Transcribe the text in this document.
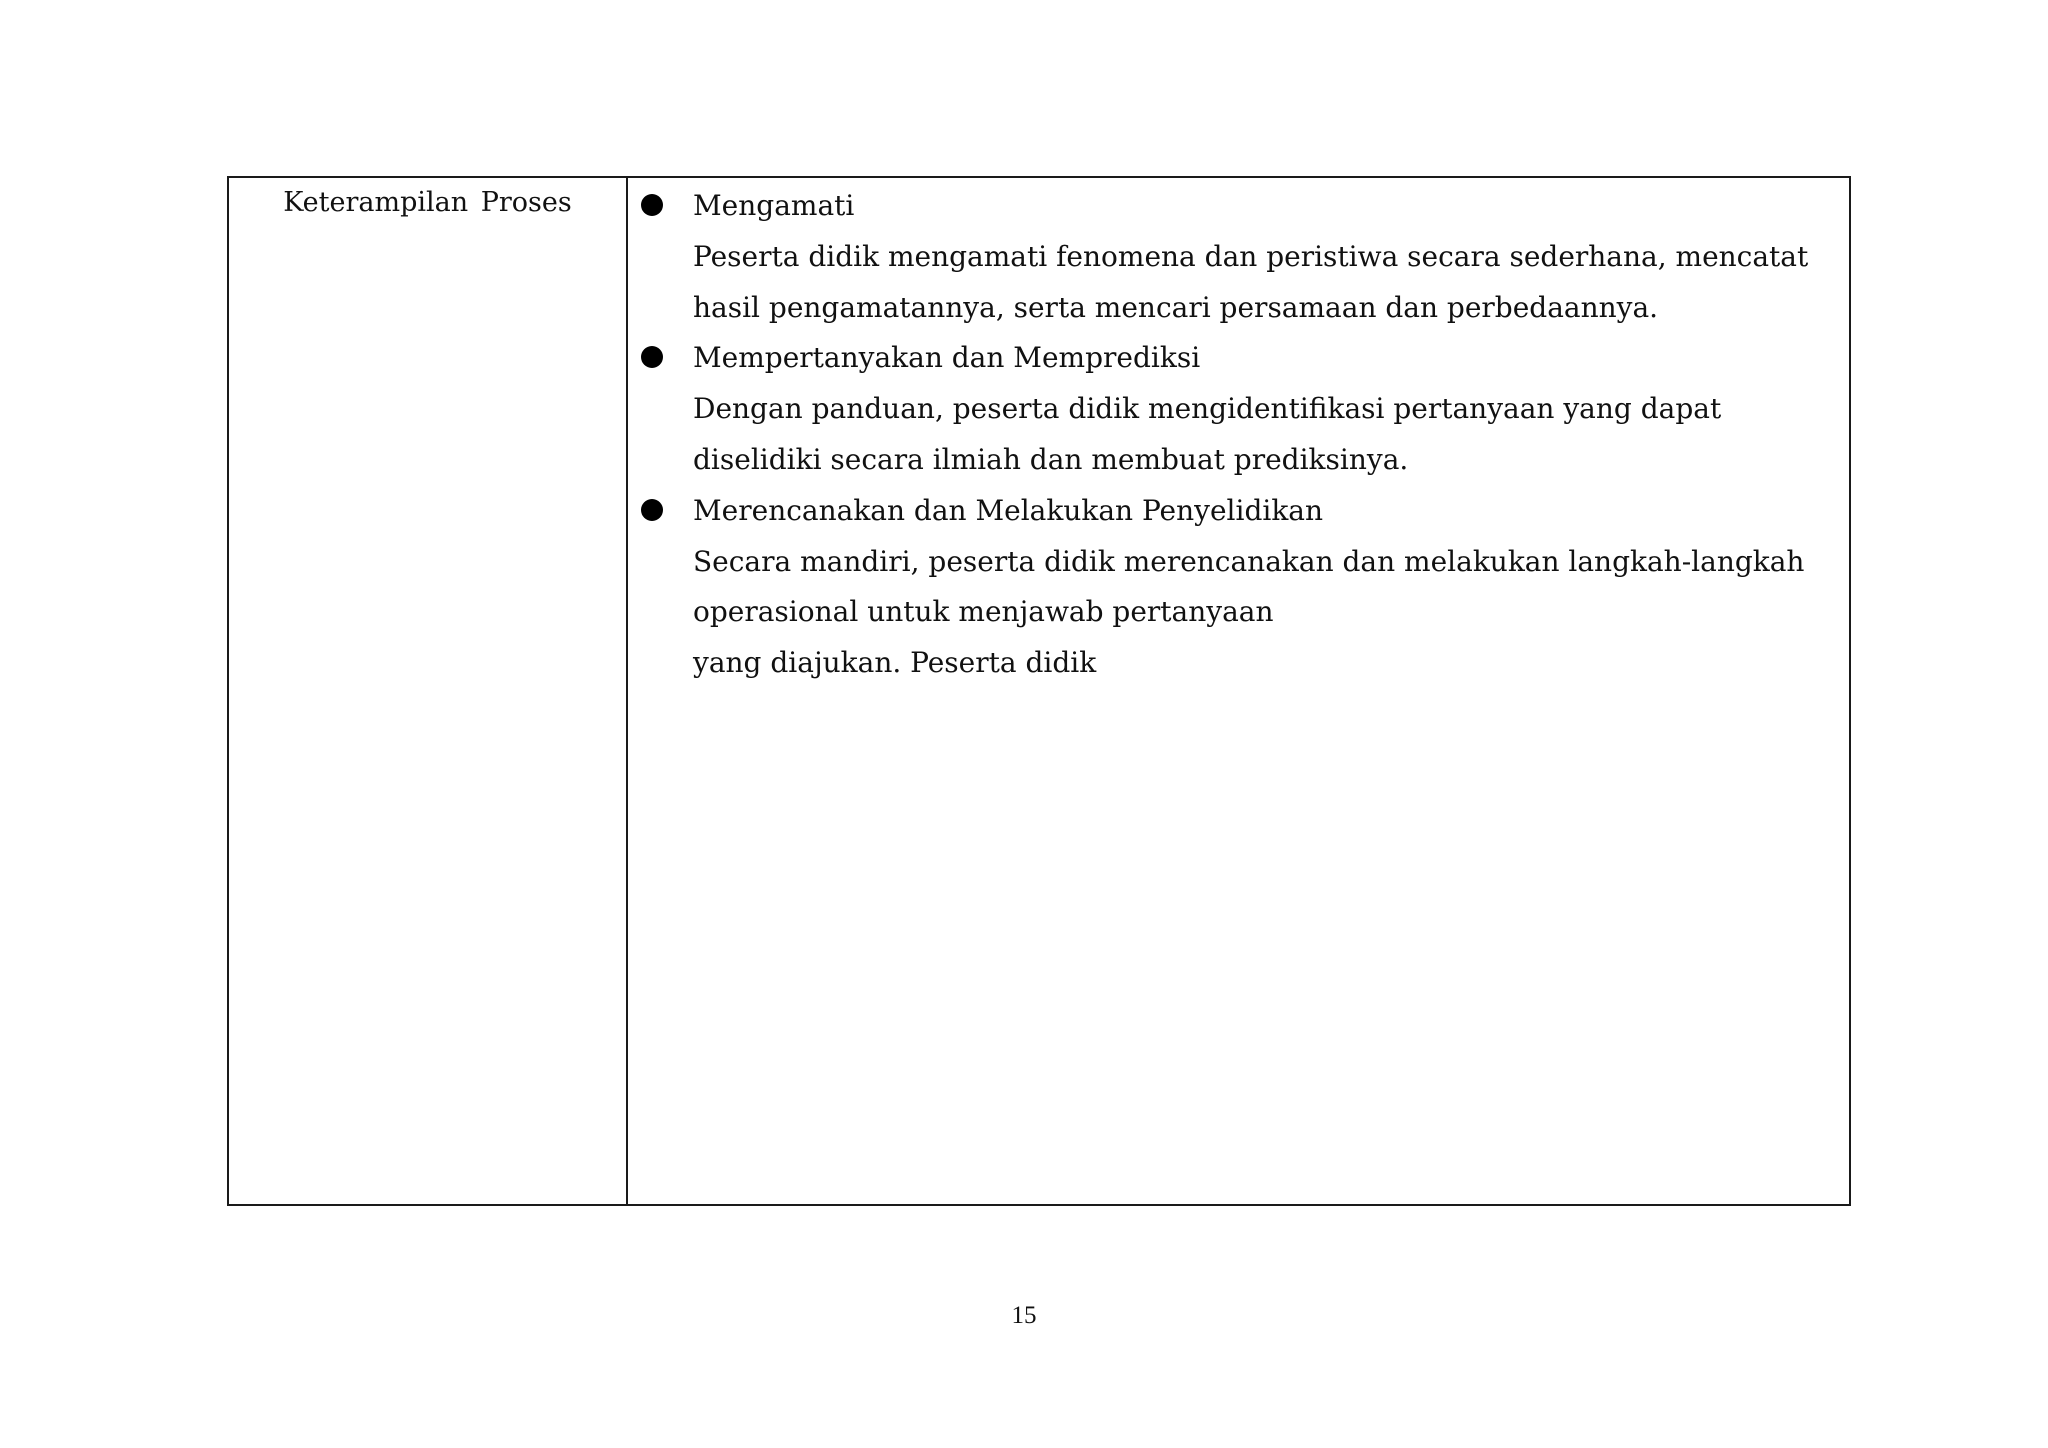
Keterampilan Proses	Mengamati
Peserta didik mengamati fenomena dan peristiwa secara sederhana, mencatat
hasil pengamatannya, serta mencari persamaan dan perbedaannya.
Mempertanyakan dan Memprediksi
Dengan panduan, peserta didik mengidentifikasi pertanyaan yang dapat
diselidiki secara ilmiah dan membuat prediksinya.
Merencanakan dan Melakukan Penyelidikan
Secara mandiri, peserta didik merencanakan dan melakukan langkah-langkah
operasional untuk menjawab pertanyaan
yang diajukan. Peserta didik
15
